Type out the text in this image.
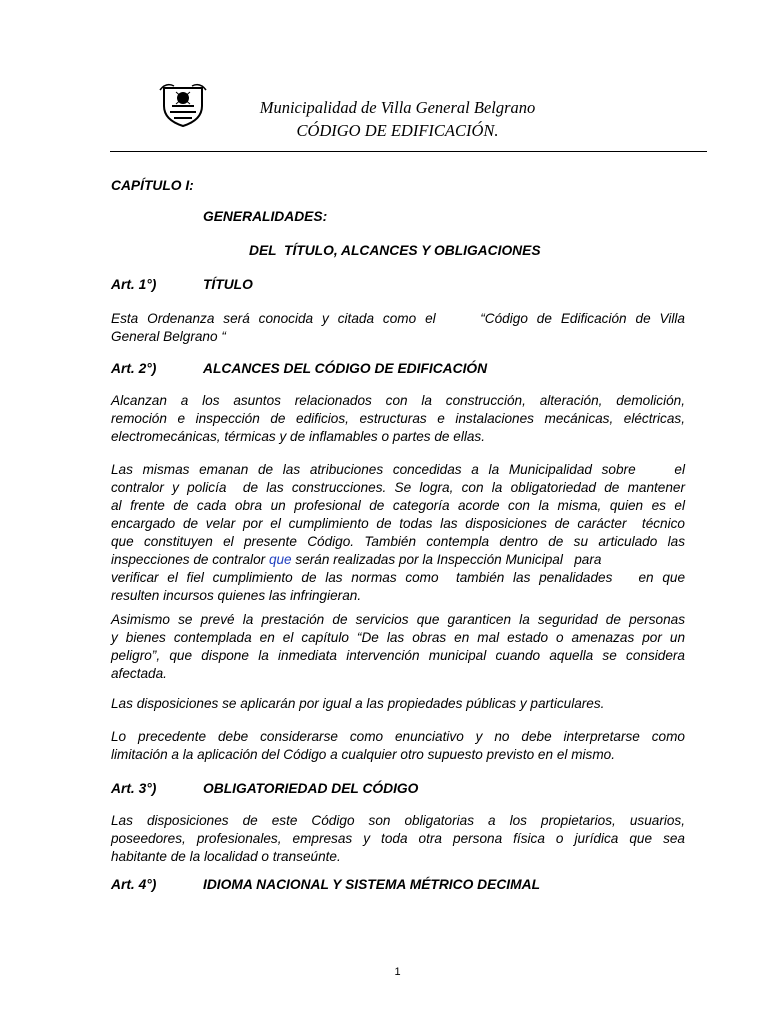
Municipalidad de Villa General Belgrano
CÓDIGO DE EDIFICACIÓN.
CAPÍTULO I:
GENERALIDADES:
DEL  TÍTULO, ALCANCES Y OBLIGACIONES
Art. 1°)	TÍTULO
Esta Ordenanza será conocida y citada como el     “Código de Edificación de Villa
General Belgrano “
Art. 2°)	ALCANCES DEL CÓDIGO DE EDIFICACIÓN
Alcanzan a los asuntos relacionados con la construcción, alteración, demolición,
remoción e inspección de edificios, estructuras e instalaciones mecánicas, eléctricas,
electromecánicas, térmicas y de inflamables o partes de ellas.
Las mismas emanan de las atribuciones concedidas a la Municipalidad sobre    el
contralor y policía  de las construcciones. Se logra, con la obligatoriedad de mantener
al frente de cada obra un profesional de categoría acorde con la misma, quien es el
encargado de velar por el cumplimiento de todas las disposiciones de carácter  técnico
que constituyen el presente Código. También contempla dentro de su articulado las
inspecciones de contralor que serán realizadas por la Inspección Municipal   para
verificar el fiel cumplimiento de las normas como  también las penalidades   en que
resulten incursos quienes las infringieran.
Asimismo se prevé la prestación de servicios que garanticen la seguridad de personas
y bienes contemplada en el capítulo “De las obras en mal estado o amenazas por un
peligro”, que dispone la inmediata intervención municipal cuando aquella se considera
afectada.
Las disposiciones se aplicarán por igual a las propiedades públicas y particulares.
Lo precedente debe considerarse como enunciativo y no debe interpretarse como
limitación a la aplicación del Código a cualquier otro supuesto previsto en el mismo.
Art. 3°)	OBLIGATORIEDAD DEL CÓDIGO
Las disposiciones de este Código son obligatorias a los propietarios, usuarios,
poseedores, profesionales, empresas y toda otra persona física o jurídica que sea
habitante de la localidad o transeúnte.
Art. 4°)	IDIOMA NACIONAL Y SISTEMA MÉTRICO DECIMAL
1
